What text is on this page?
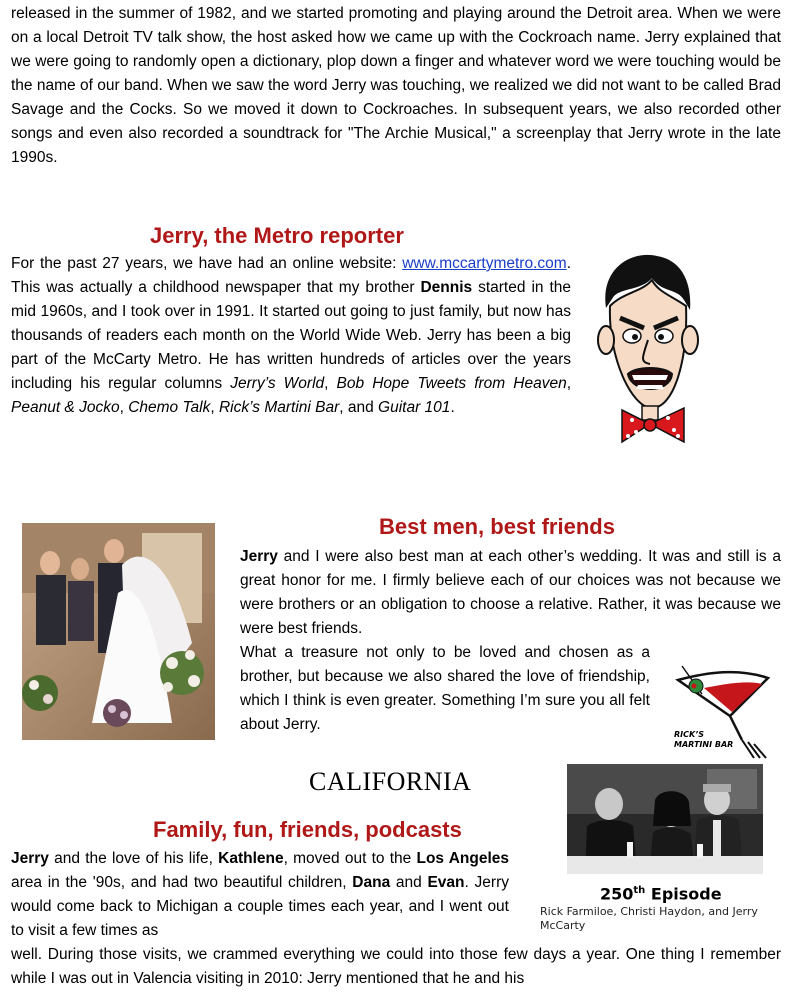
released in the summer of 1982, and we started promoting and playing around the Detroit area. When we were on a local Detroit TV talk show, the host asked how we came up with the Cockroach name. Jerry explained that we were going to randomly open a dictionary, plop down a finger and whatever word we were touching would be the name of our band. When we saw the word Jerry was touching, we realized we did not want to be called Brad Savage and the Cocks. So we moved it down to Cockroaches. In subsequent years, we also recorded other songs and even also recorded a soundtrack for "The Archie Musical," a screenplay that Jerry wrote in the late 1990s.

Jerry, the Metro reporter

For the past 27 years, we have had an online website: www.mccartymetro.com. This was actually a childhood newspaper that my brother Dennis started in the mid 1960s, and I took over in 1991. It started out going to just family, but now has thousands of readers each month on the World Wide Web. Jerry has been a big part of the McCarty Metro. He has written hundreds of articles over the years including his regular columns Jerry’s World, Bob Hope Tweets from Heaven, Peanut & Jocko, Chemo Talk, Rick’s Martini Bar, and Guitar 101.

Best men, best friends

Jerry and I were also best man at each other’s wedding. It was and still is a great honor for me. I firmly believe each of our choices was not because we were brothers or an obligation to choose a relative. Rather, it was because we were best friends.

What a treasure not only to be loved and chosen as a brother, but because we also shared the love of friendship, which I think is even greater. Something I’m sure you all felt about Jerry.

RICK’S
MARTINI BAR
CALIFORNIA
250th Episode
Rick Farmiloe, Christi Haydon, and Jerry McCarty
Family, fun, friends, podcasts

Jerry and the love of his life, Kathlene, moved out to the Los Angeles area in the '90s, and had two beautiful children, Dana and Evan. Jerry would come back to Michigan a couple times each year, and I went out to visit a few times as

well. During those visits, we crammed everything we could into those few days a year. One thing I remember while I was out in Valencia visiting in 2010: Jerry mentioned that he and his
